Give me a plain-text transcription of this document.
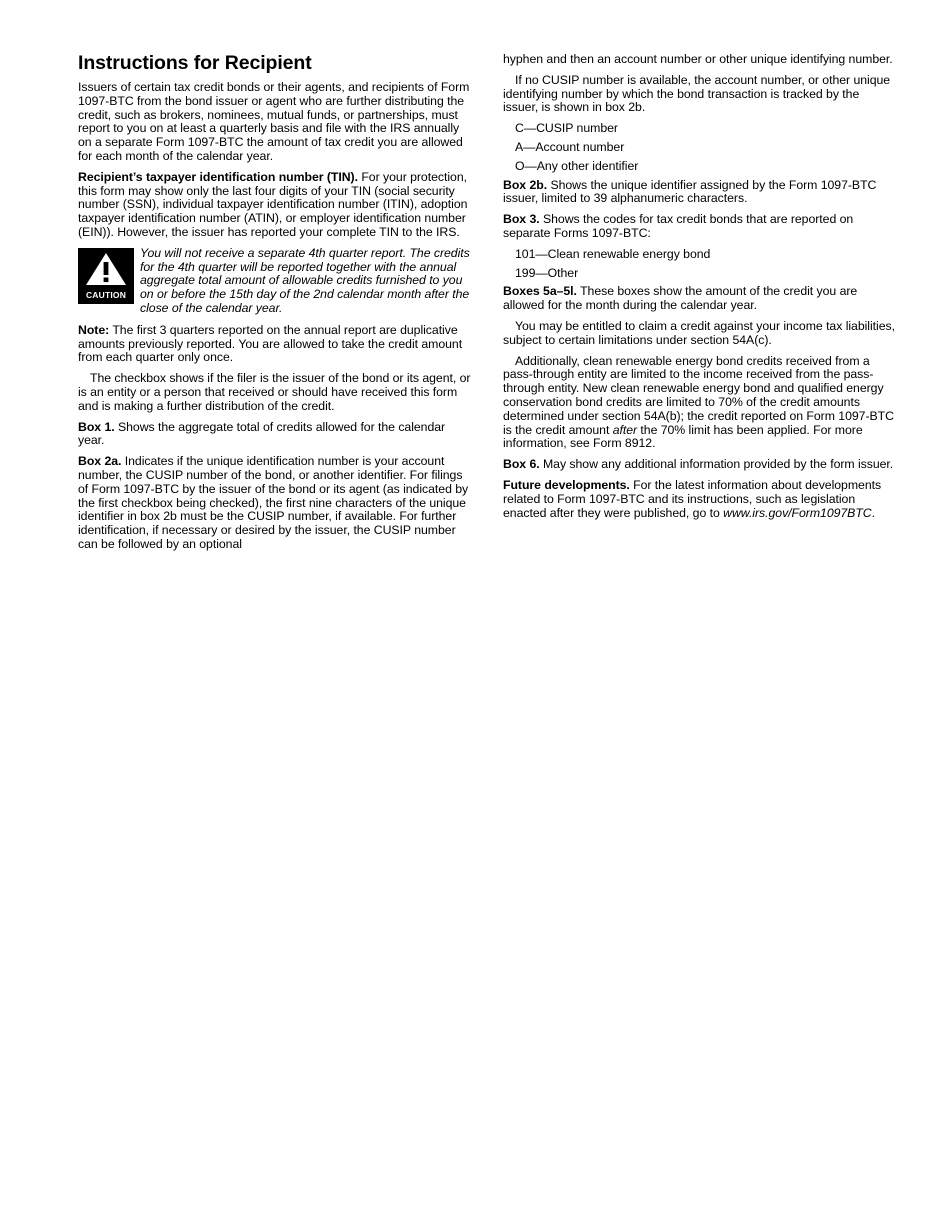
Instructions for Recipient

Issuers of certain tax credit bonds or their agents, and recipients of Form 1097-BTC from the bond issuer or agent who are further distributing the credit, such as brokers, nominees, mutual funds, or partnerships, must report to you on at least a quarterly basis and file with the IRS annually on a separate Form 1097-BTC the amount of tax credit you are allowed for each month of the calendar year.

Recipient’s taxpayer identification number (TIN). For your protection, this form may show only the last four digits of your TIN (social security number (SSN), individual taxpayer identification number (ITIN), adoption taxpayer identification number (ATIN), or employer identification number (EIN)). However, the issuer has reported your complete TIN to the IRS.

CAUTION

You will not receive a separate 4th quarter report. The credits for the 4th quarter will be reported together with the annual aggregate total amount of allowable credits furnished to you on or before the 15th day of the 2nd calendar month after the close of the calendar year.

Note: The first 3 quarters reported on the annual report are duplicative amounts previously reported. You are allowed to take the credit amount from each quarter only once.

The checkbox shows if the filer is the issuer of the bond or its agent, or is an entity or a person that received or should have received this form and is making a further distribution of the credit.

Box 1. Shows the aggregate total of credits allowed for the calendar year.

Box 2a. Indicates if the unique identification number is your account number, the CUSIP number of the bond, or another identifier. For filings of Form 1097-BTC by the issuer of the bond or its agent (as indicated by the first checkbox being checked), the first nine characters of the unique identifier in box 2b must be the CUSIP number, if available. For further identification, if necessary or desired by the issuer, the CUSIP number can be followed by an optional

hyphen and then an account number or other unique identifying number.

If no CUSIP number is available, the account number, or other unique identifying number by which the bond transaction is tracked by the issuer, is shown in box 2b.

C—CUSIP number

A—Account number

O—Any other identifier

Box 2b. Shows the unique identifier assigned by the Form 1097-BTC issuer, limited to 39 alphanumeric characters.

Box 3. Shows the codes for tax credit bonds that are reported on separate Forms 1097-BTC:

101—Clean renewable energy bond

199—Other

Boxes 5a–5l. These boxes show the amount of the credit you are allowed for the month during the calendar year.

You may be entitled to claim a credit against your income tax liabilities, subject to certain limitations under section 54A(c).

Additionally, clean renewable energy bond credits received from a pass-through entity are limited to the income received from the pass-through entity. New clean renewable energy bond and qualified energy conservation bond credits are limited to 70% of the credit amounts determined under section 54A(b); the credit reported on Form 1097-BTC is the credit amount after the 70% limit has been applied. For more information, see Form 8912.

Box 6. May show any additional information provided by the form issuer.

Future developments. For the latest information about developments related to Form 1097-BTC and its instructions, such as legislation enacted after they were published, go to www.irs.gov/Form1097BTC.
